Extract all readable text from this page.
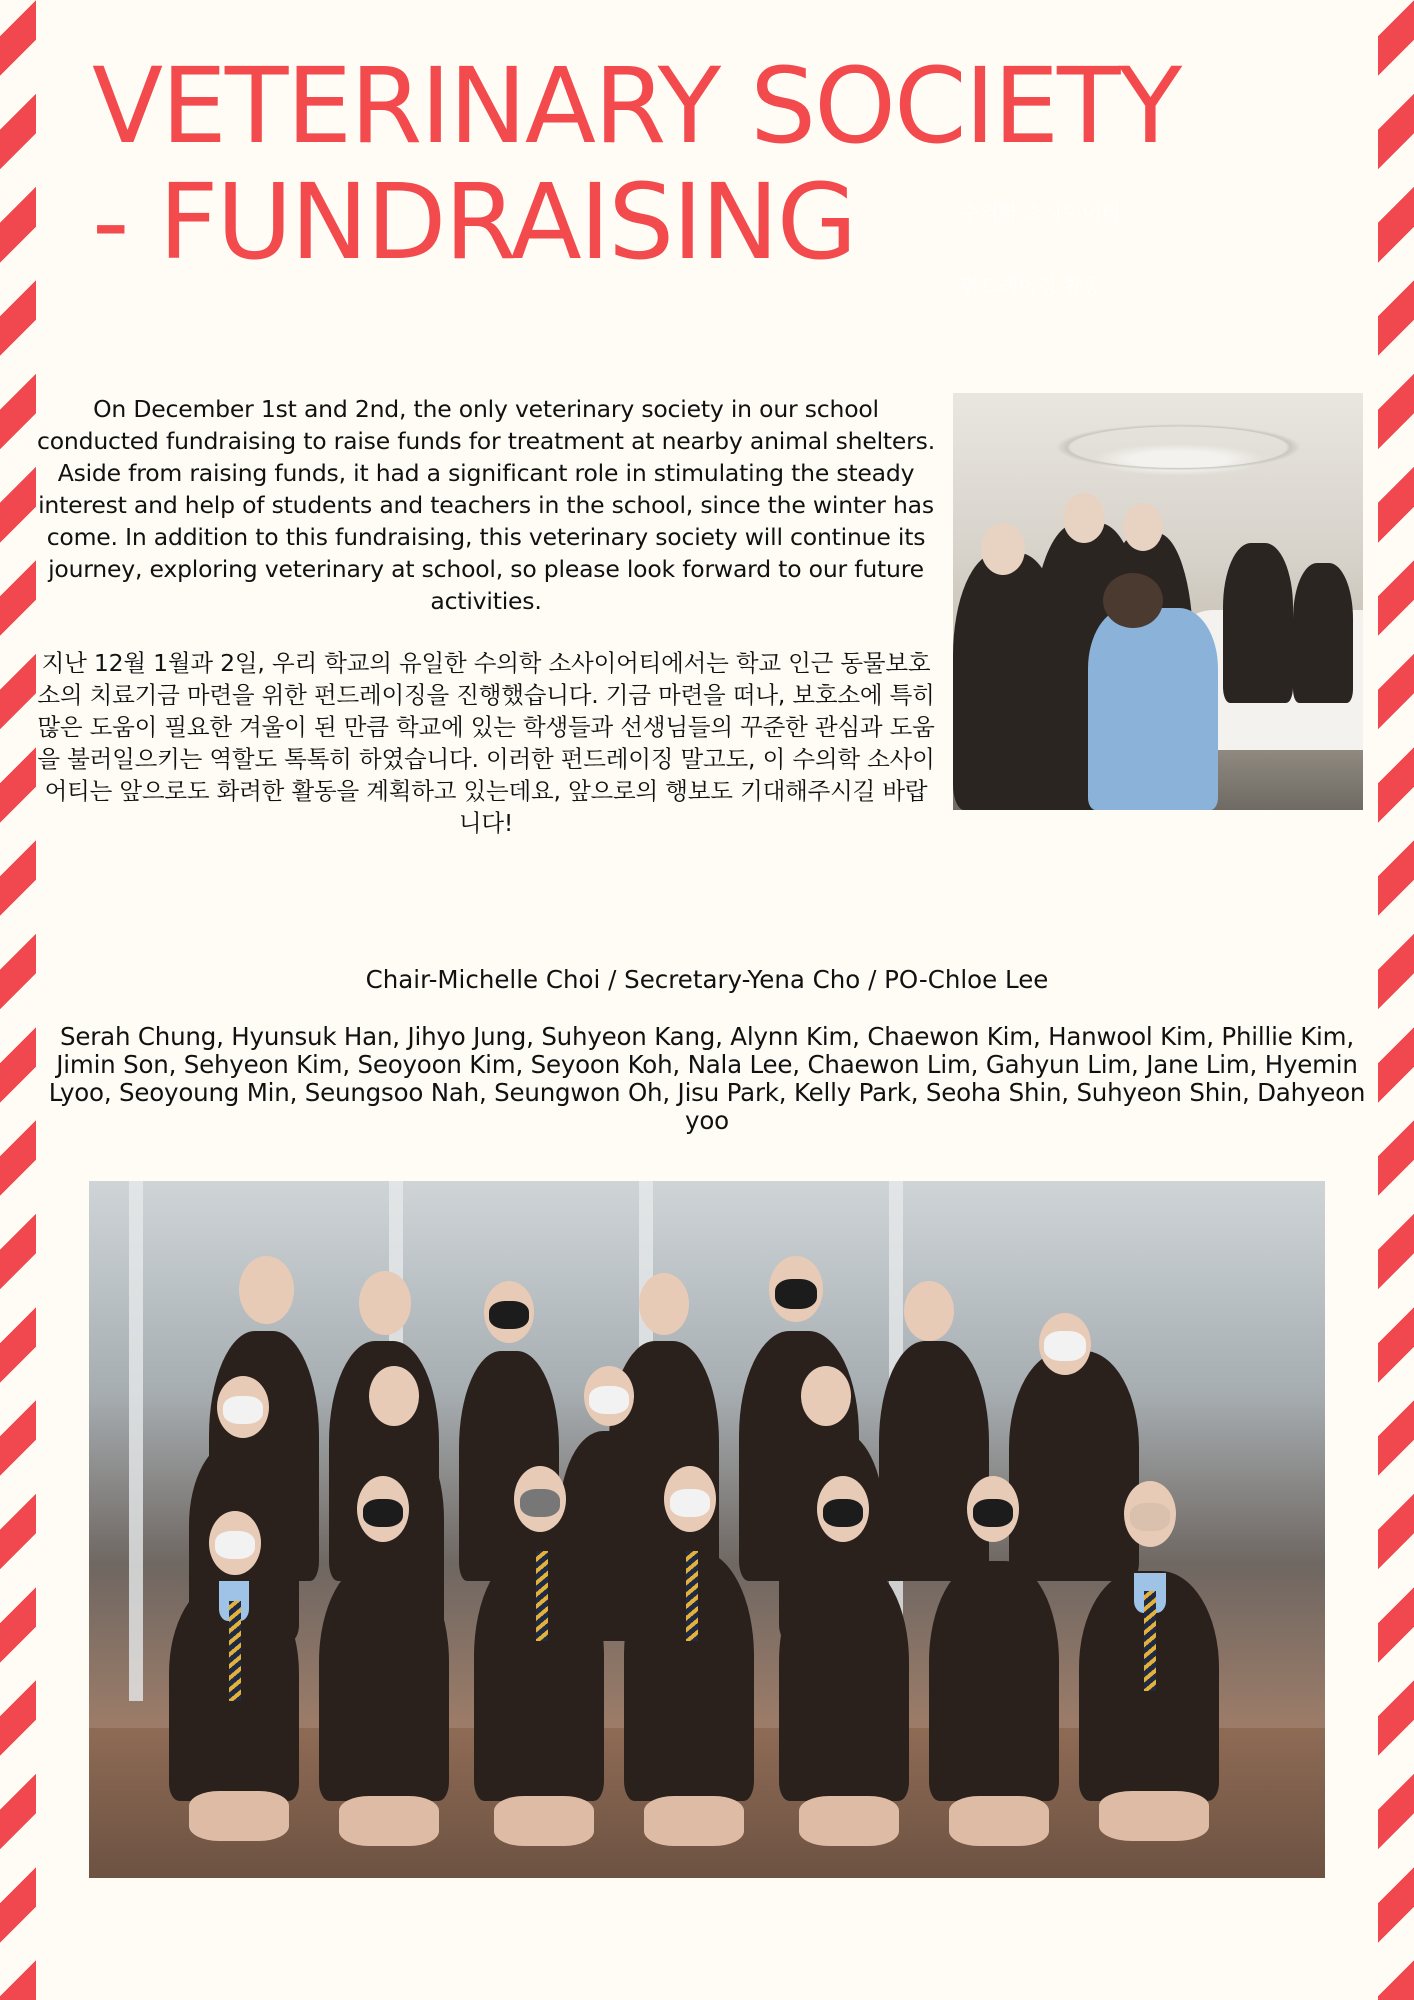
VETERINARY SOCIETY - FUNDRAISING	수의학 소사이어티
펀드레이징 활동

On December 1st and 2nd, the only veterinary society in our school conducted fundraising to raise funds for treatment at nearby animal shelters. Aside from raising funds, it had a significant role in stimulating the steady interest and help of students and teachers in the school, since the winter has come. In addition to this fundraising, this veterinary society will continue its journey, exploring veterinary at school, so please look forward to our future activities.

지난 12월 1월과 2일, 우리 학교의 유일한 수의학 소사이어티에서는 학교 인근 동물보호소의 치료기금 마련을 위한 펀드레이징을 진행했습니다. 기금 마련을 떠나, 보호소에 특히 많은 도움이 필요한 겨울이 된 만큼 학교에 있는 학생들과 선생님들의 꾸준한 관심과 도움을 불러일으키는 역할도 톡톡히 하였습니다. 이러한 펀드레이징 말고도, 이 수의학 소사이어티는 앞으로도 화려한 활동을 계획하고 있는데요, 앞으로의 행보도 기대해주시길 바랍니다!

Chair-Michelle Choi / Secretary-Yena Cho / PO-Chloe Lee

Serah Chung, Hyunsuk Han, Jihyo Jung, Suhyeon Kang, Alynn Kim, Chaewon Kim, Hanwool Kim, Phillie Kim, Jimin Son, Sehyeon Kim, Seoyoon Kim, Seyoon Koh, Nala Lee, Chaewon Lim, Gahyun Lim, Jane Lim, Hyemin Lyoo, Seoyoung Min, Seungsoo Nah, Seungwon Oh, Jisu Park, Kelly Park, Seoha Shin, Suhyeon Shin, Dahyeon yoo
